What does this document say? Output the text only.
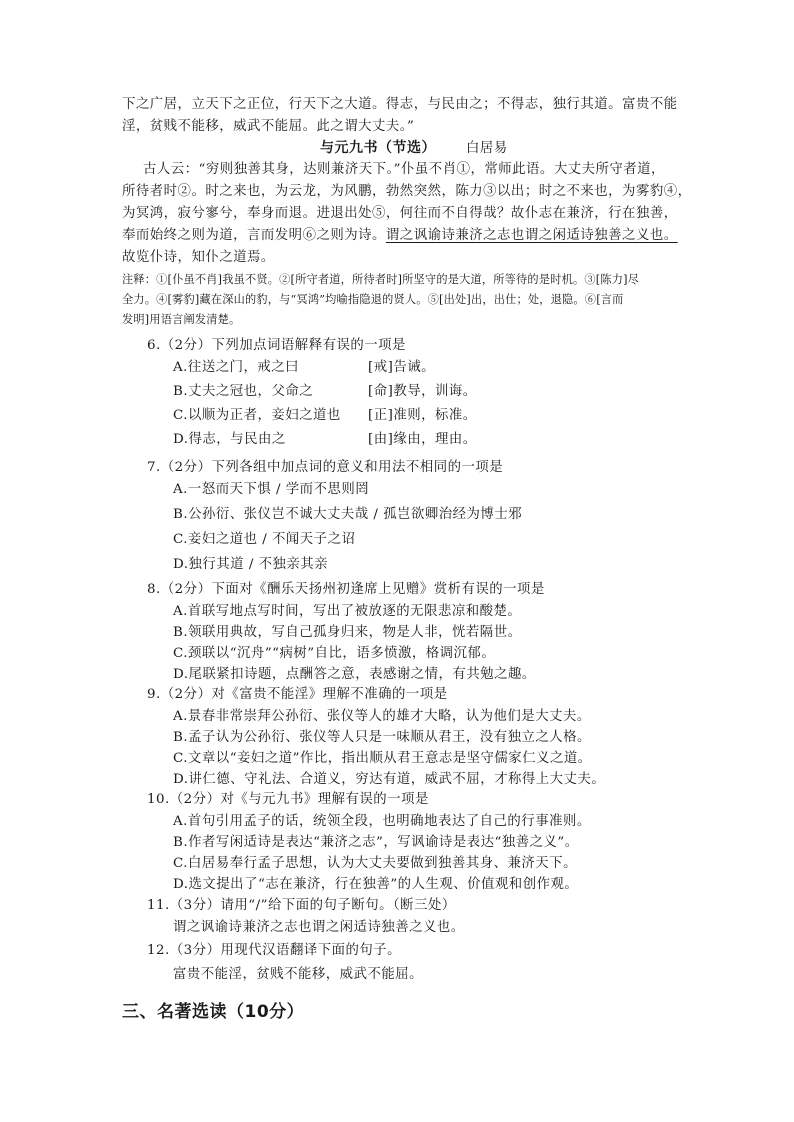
下之广居，立天下之正位，行天下之大道。得志，与民由之；不得志，独行其道。富贵不能
淫，贫贱不能移，威武不能屈。此之谓大丈夫。”
与元九书（节选） 白居易
古人云：“穷则独善其身，达则兼济天下。”仆虽不肖①，常师此语。大丈夫所守者道，
所待者时②。时之来也，为云龙，为风鹏，勃然突然，陈力③以出；时之不来也，为雾豹④，
为冥鸿，寂兮寥兮，奉身而退。进退出处⑤，何往而不自得哉？故仆志在兼济，行在独善，
奉而始终之则为道，言而发明⑥之则为诗。谓之讽谕诗兼济之志也谓之闲适诗独善之义也。
故览仆诗，知仆之道焉。
注释：①[仆虽不肖]我虽不贤。②[所守者道，所待者时]所坚守的是大道，所等待的是时机。③[陈力]尽
全力。④[雾豹]藏在深山的豹，与“冥鸿”均喻指隐退的贤人。⑤[出处]出，出仕；处，退隐。⑥[言而
发明]用语言阐发清楚。
6.（2分）下列加点词语解释有误的一项是
A.往送之门，戒之曰	[戒]告诫。
B.丈夫之冠也，父命之	[命]教导，训诲。
C.以顺为正者，妾妇之道也 [正]准则，标准。
D.得志，与民由之	[由]缘由，理由。
7.（2分）下列各组中加点词的意义和用法不相同的一项是
A.一怒而天下惧 / 学而不思则罔
B.公孙衍、张仪岂不诚大丈夫哉 / 孤岂欲卿治经为博士邪
C.妾妇之道也 / 不闻天子之诏
D.独行其道 / 不独亲其亲
8.（2分）下面对《酬乐天扬州初逢席上见赠》赏析有误的一项是
A.首联写地点写时间，写出了被放逐的无限悲凉和酸楚。
B.领联用典故，写自己孤身归来，物是人非，恍若隔世。
C.颈联以“沉舟”“病树”自比，语多愤激，格调沉郁。
D.尾联紧扣诗题，点酬答之意，表感谢之情，有共勉之趣。
9.（2分）对《富贵不能淫》理解不准确的一项是
A.景春非常崇拜公孙衍、张仪等人的雄才大略，认为他们是大丈夫。
B.孟子认为公孙衍、张仪等人只是一味顺从君王，没有独立之人格。
C.文章以“妾妇之道”作比，指出顺从君王意志是坚守儒家仁义之道。
D.讲仁德、守礼法、合道义，穷达有道，威武不屈，才称得上大丈夫。
10.（2分）对《与元九书》理解有误的一项是
A.首句引用孟子的话，统领全段，也明确地表达了自己的行事准则。
B.作者写闲适诗是表达“兼济之志”，写讽谕诗是表达“独善之义”。
C.白居易奉行孟子思想，认为大丈夫要做到独善其身、兼济天下。
D.选文提出了“志在兼济，行在独善”的人生观、价值观和创作观。
11.（3分）请用“/”给下面的句子断句。（断三处）
谓之讽谕诗兼济之志也谓之闲适诗独善之义也。
12.（3分）用现代汉语翻译下面的句子。
富贵不能淫，贫贱不能移，威武不能屈。
三、名著选读（10分）
